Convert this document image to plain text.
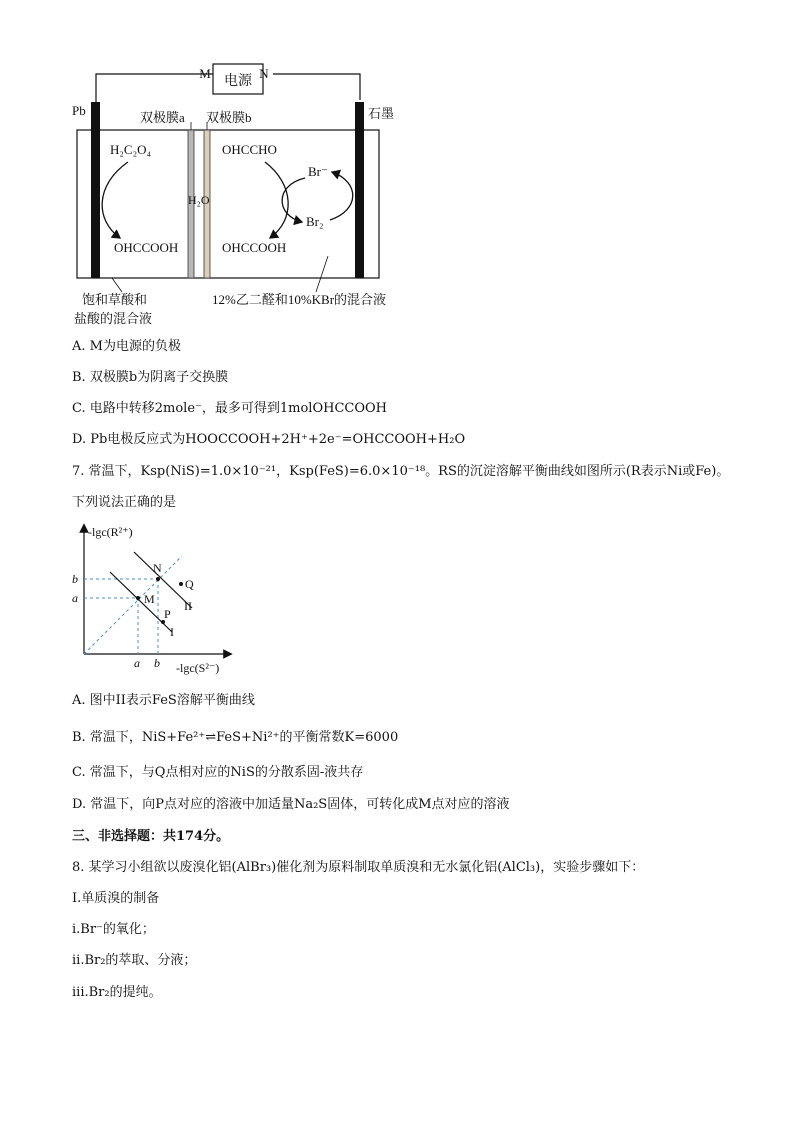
电源
M	N
Pb	石墨
双极膜a 双极膜b
H₂C₂O₄
OHCCOOH
H₂O
OHCCHO
OHCCOOH
Br⁻
Br₂
饱和草酸和
盐酸的混合液
12%乙二醛和10%KBr的混合液
A. M为电源的负极
B. 双极膜b为阴离子交换膜
C. 电路中转移2mole⁻，最多可得到1molOHCCOOH
D. Pb电极反应式为HOOCCOOH+2H⁺+2e⁻=OHCCOOH+H₂O
7. 常温下，Ksp(NiS)=1.0×10⁻²¹，Ksp(FeS)=6.0×10⁻¹⁸。RS的沉淀溶解平衡曲线如图所示(R表示Ni或Fe)。
下列说法正确的是
-lgc(R²⁺)
-lgc(S²⁻)
M
N
P
Q
I
II
b
a
a b
A. 图中II表示FeS溶解平衡曲线
B. 常温下，NiS+Fe²⁺⇌FeS+Ni²⁺的平衡常数K=6000
C. 常温下，与Q点相对应的NiS的分散系固-液共存
D. 常温下，向P点对应的溶液中加适量Na₂S固体，可转化成M点对应的溶液
三、非选择题：共174分。
8. 某学习小组欲以废溴化铝(AlBr₃)催化剂为原料制取单质溴和无水氯化铝(AlCl₃)，实验步骤如下：
I.单质溴的制备
i.Br⁻的氧化；
ii.Br₂的萃取、分液；
iii.Br₂的提纯。
